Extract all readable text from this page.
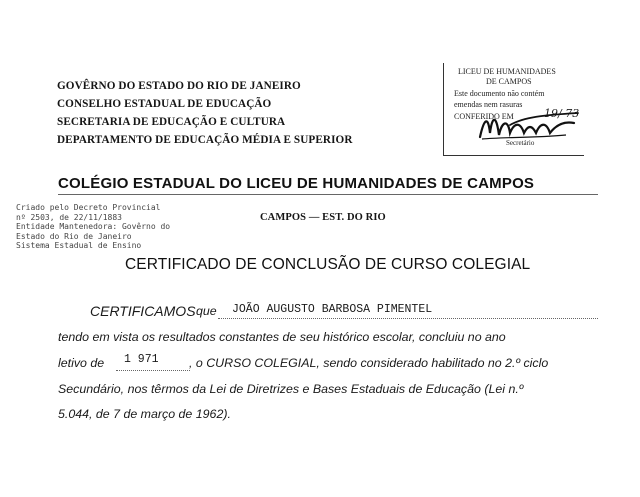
GOVÊRNO DO ESTADO DO RIO DE JANEIRO
CONSELHO ESTADUAL DE EDUCAÇÃO
SECRETARIA DE EDUCAÇÃO E CULTURA
DEPARTAMENTO DE EDUCAÇÃO MÉDIA E SUPERIOR
LICEU DE HUMANIDADES
DE CAMPOS
Este documento não contém
emendas nem rasuras
CONFERIDO EM	19/ 73
Secretário
COLÉGIO ESTADUAL DO LICEU DE HUMANIDADES DE CAMPOS
Criado pelo Decreto Provincial
nº 2503, de 22/11/1883
Entidade Mantenedora: Govêrno do
Estado do Rio de Janeiro
Sistema Estadual de Ensino
CAMPOS — EST. DO RIO
CERTIFICADO DE CONCLUSÃO DE CURSO COLEGIAL
CERTIFICAMOS que JOÃO AUGUSTO BARBOSA PIMENTEL
tendo em vista os resultados constantes de seu histórico escolar, concluiu no ano
letivo de 1 971 , o CURSO COLEGIAL, sendo considerado habilitado no 2.º ciclo
Secundário, nos têrmos da Lei de Diretrizes e Bases Estaduais de Educação (Lei n.º
5.044, de 7 de março de 1962).
